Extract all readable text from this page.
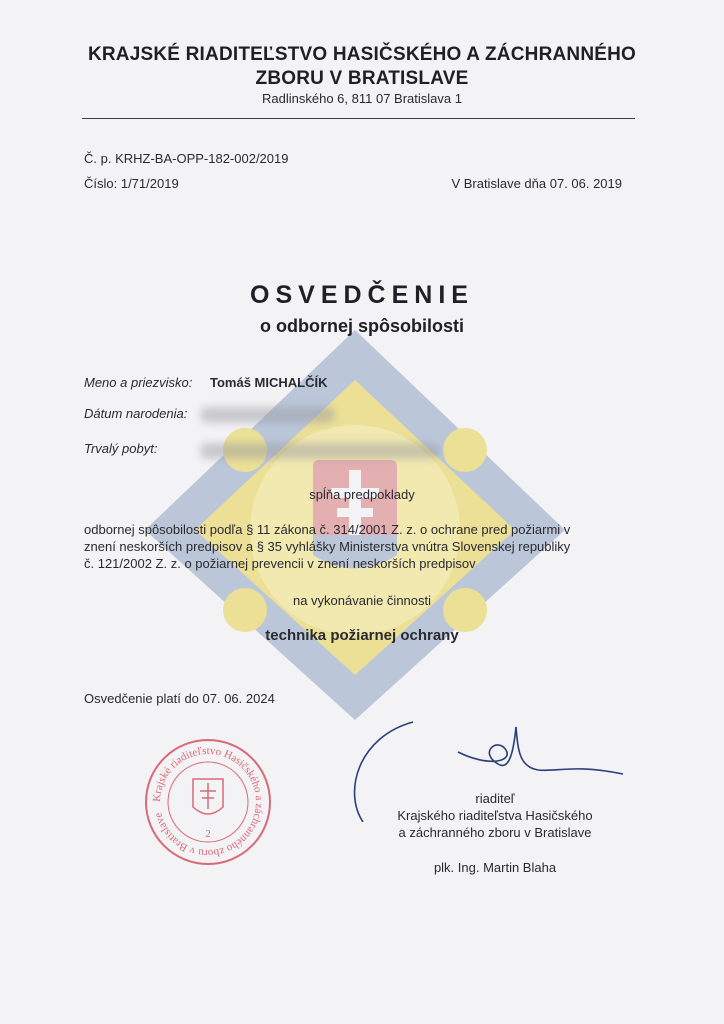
KRAJSKÉ RIADITEĽSTVO HASIČSKÉHO A ZÁCHRANNÉHO
ZBORU V BRATISLAVE
Radlinského 6, 811 07 Bratislava 1
Č. p. KRHZ-BA-OPP-182-002/2019
Číslo: 1/71/2019	V Bratislave dňa 07. 06. 2019
OSVEDČENIE
o odbornej spôsobilosti
Meno a priezvisko: Tomáš MICHALČÍK
Dátum narodenia:
Trvalý pobyt:
spĺňa predpoklady
odbornej spôsobilosti podľa § 11 zákona č. 314/2001 Z. z. o ochrane pred požiarmi v
znení neskorších predpisov a § 35 vyhlášky Ministerstva vnútra Slovenskej republiky
č. 121/2002 Z. z. o požiarnej prevencii v znení neskorších predpisov
na vykonávanie činnosti
technika požiarnej ochrany
Osvedčenie platí do 07. 06. 2024
Krajské riaditeľstvo Hasičského a záchranného zboru v Bratislave
2
riaditeľ
Krajského riaditeľstva Hasičského
a záchranného zboru v Bratislave
plk. Ing. Martin Blaha
